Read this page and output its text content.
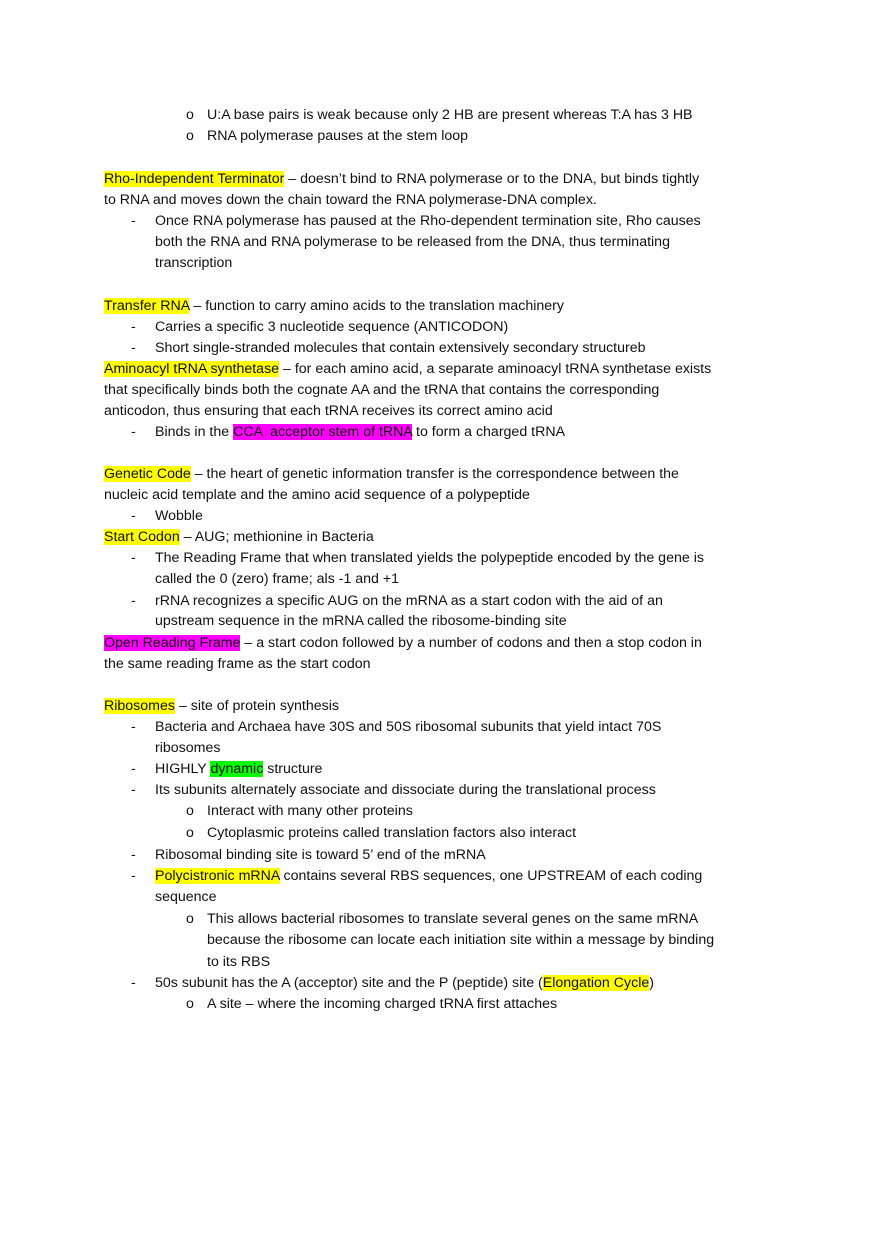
o U:A base pairs is weak because only 2 HB are present whereas T:A has 3 HB
o RNA polymerase pauses at the stem loop
Rho-Independent Terminator – doesn’t bind to RNA polymerase or to the DNA, but binds tightly
to RNA and moves down the chain toward the RNA polymerase-DNA complex.
- Once RNA polymerase has paused at the Rho-dependent termination site, Rho causes
both the RNA and RNA polymerase to be released from the DNA, thus terminating
transcription
Transfer RNA – function to carry amino acids to the translation machinery
- Carries a specific 3 nucleotide sequence (ANTICODON)
- Short single-stranded molecules that contain extensively secondary structureb
Aminoacyl tRNA synthetase – for each amino acid, a separate aminoacyl tRNA synthetase exists
that specifically binds both the cognate AA and the tRNA that contains the corresponding
anticodon, thus ensuring that each tRNA receives its correct amino acid
- Binds in the CCA  acceptor stem of tRNA to form a charged tRNA
Genetic Code – the heart of genetic information transfer is the correspondence between the
nucleic acid template and the amino acid sequence of a polypeptide
- Wobble
Start Codon – AUG; methionine in Bacteria
- The Reading Frame that when translated yields the polypeptide encoded by the gene is
called the 0 (zero) frame; als -1 and +1
- rRNA recognizes a specific AUG on the mRNA as a start codon with the aid of an
upstream sequence in the mRNA called the ribosome-binding site
Open Reading Frame – a start codon followed by a number of codons and then a stop codon in
the same reading frame as the start codon
Ribosomes – site of protein synthesis
- Bacteria and Archaea have 30S and 50S ribosomal subunits that yield intact 70S
ribosomes
- HIGHLY dynamic structure
- Its subunits alternately associate and dissociate during the translational process
o Interact with many other proteins
o Cytoplasmic proteins called translation factors also interact
- Ribosomal binding site is toward 5’ end of the mRNA
- Polycistronic mRNA contains several RBS sequences, one UPSTREAM of each coding
sequence
o This allows bacterial ribosomes to translate several genes on the same mRNA
because the ribosome can locate each initiation site within a message by binding
to its RBS
- 50s subunit has the A (acceptor) site and the P (peptide) site (Elongation Cycle)
o A site – where the incoming charged tRNA first attaches
